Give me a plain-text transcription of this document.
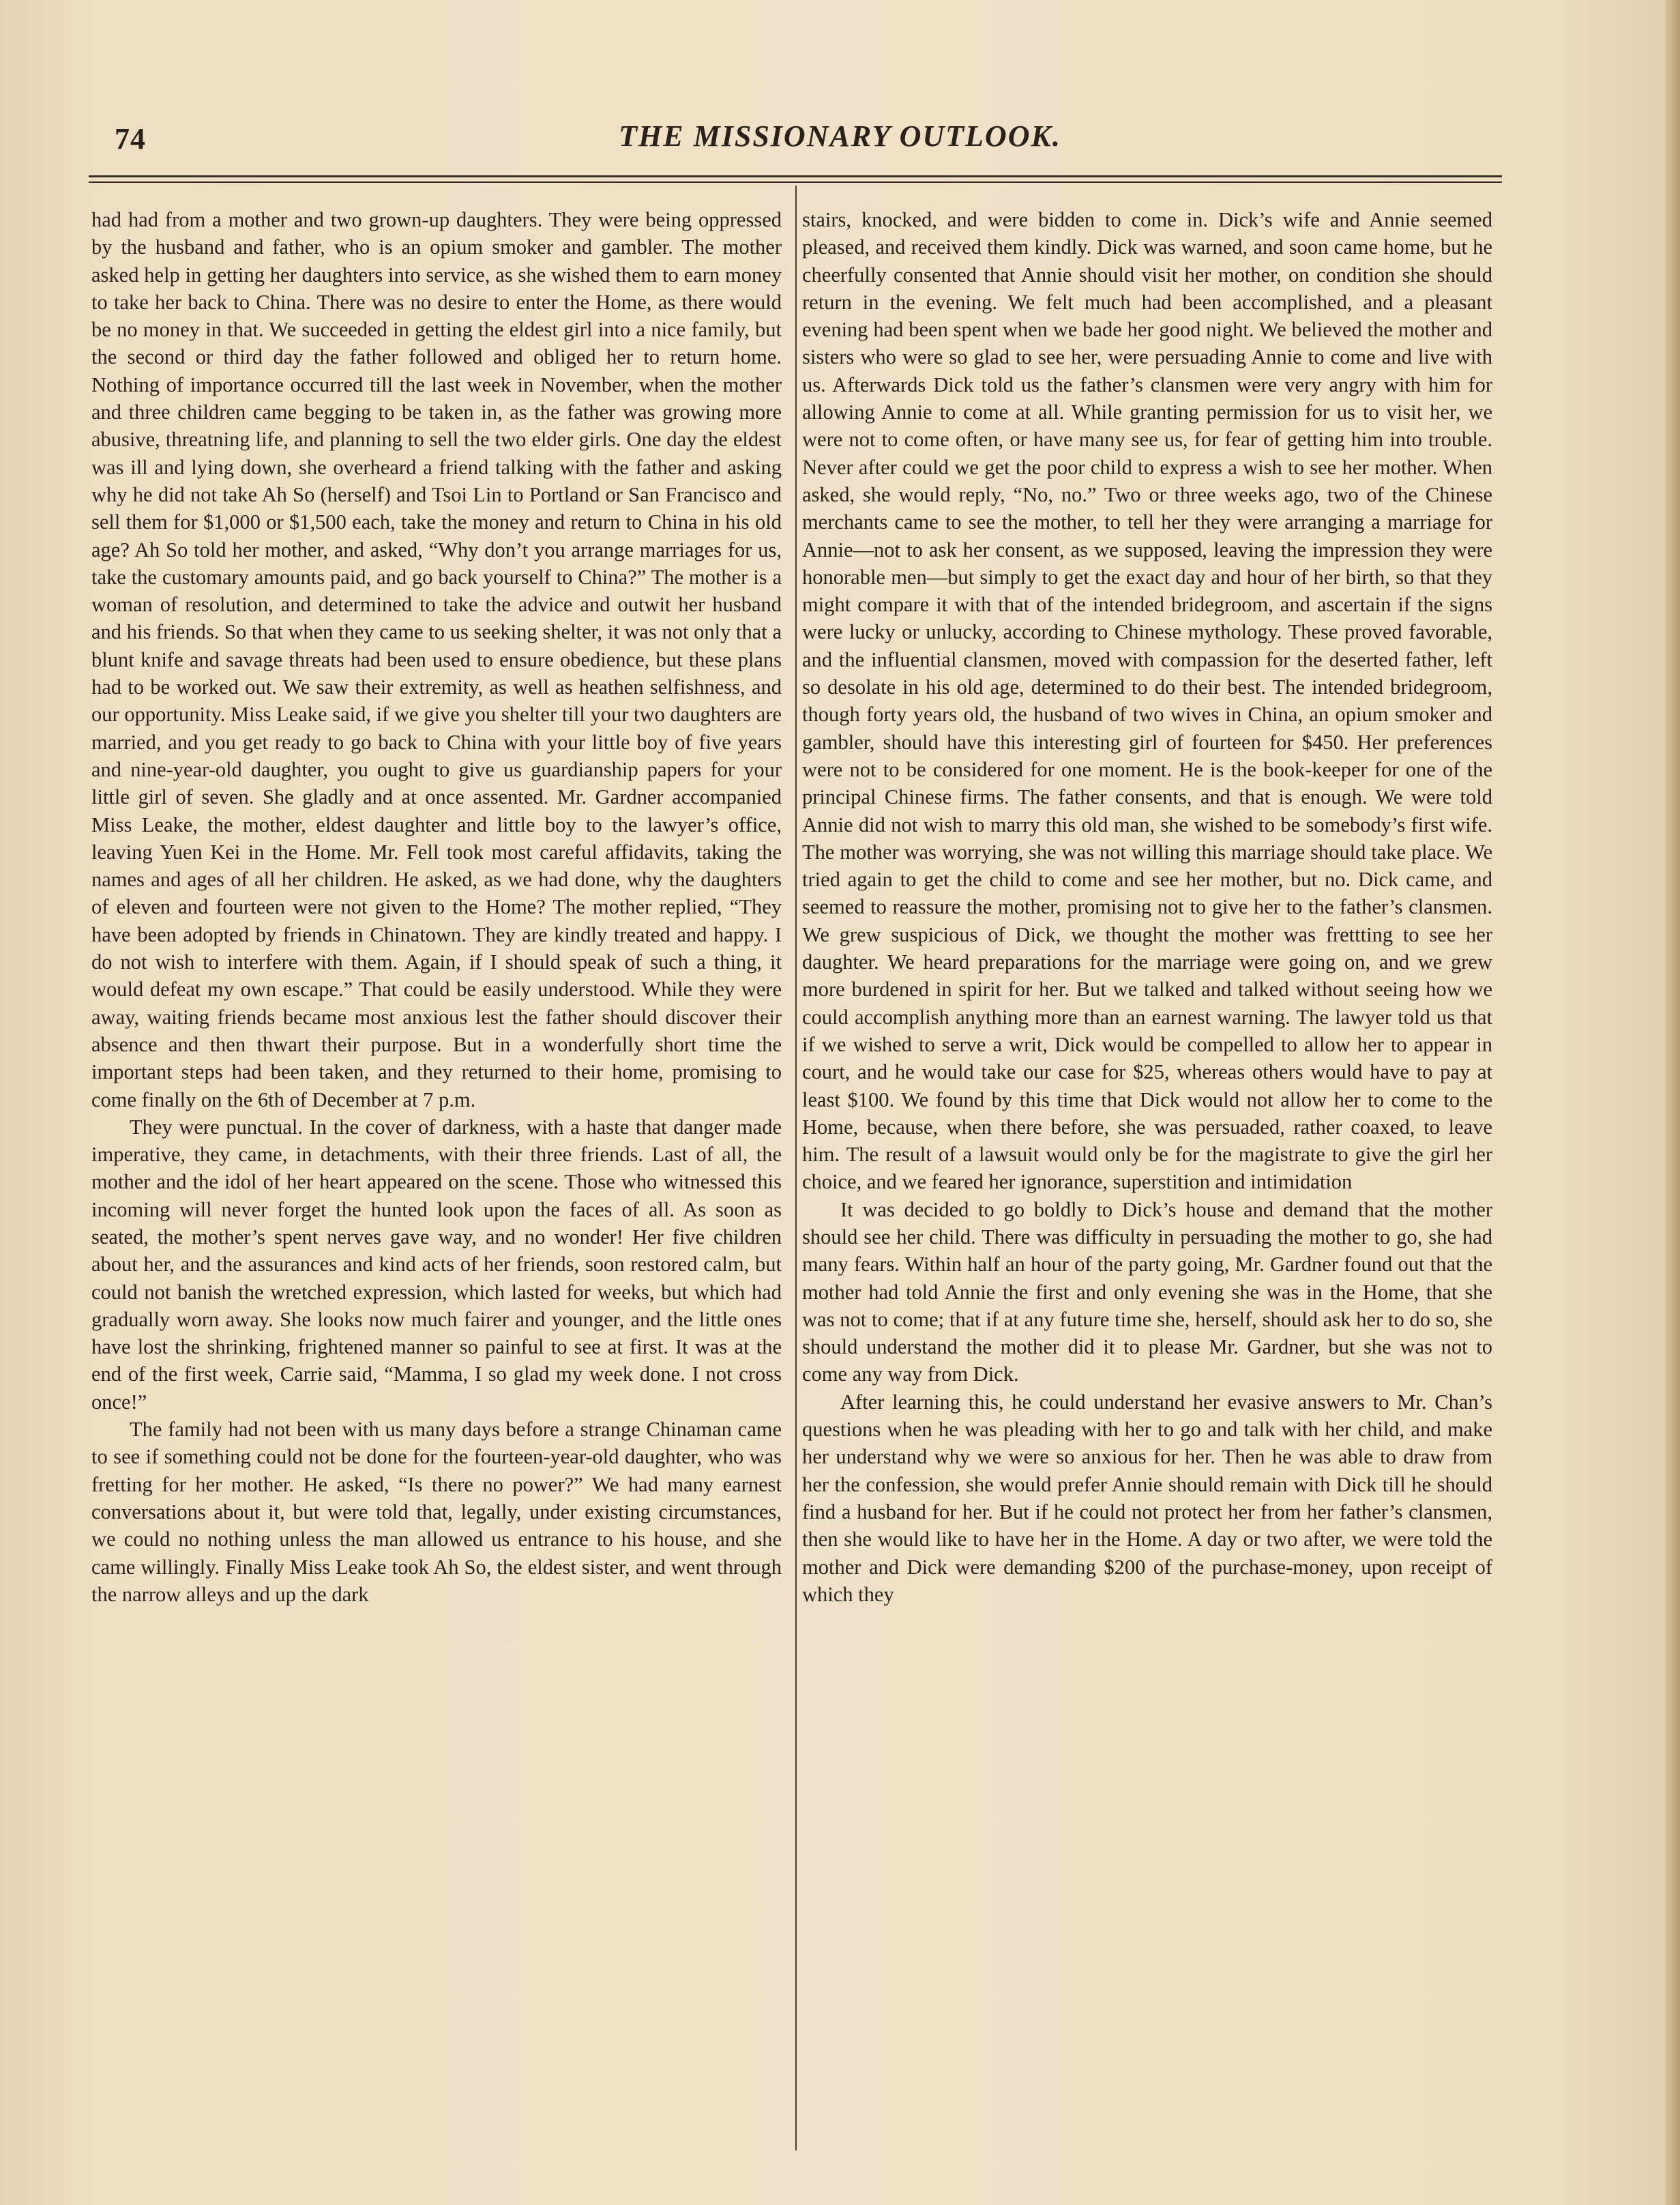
74	THE MISSIONARY OUTLOOK.

had had from a mother and two grown-up daughters. They were being oppressed by the husband and father, who is an opium smoker and gambler. The mother asked help in getting her daughters into service, as she wished them to earn money to take her back to China. There was no desire to enter the Home, as there would be no money in that. We succeeded in getting the eldest girl into a nice family, but the second or third day the father followed and obliged her to return home. Nothing of importance occurred till the last week in November, when the mother and three children came begging to be taken in, as the father was growing more abusive, threatning life, and planning to sell the two elder girls. One day the eldest was ill and lying down, she overheard a friend talking with the father and asking why he did not take Ah So (herself) and Tsoi Lin to Portland or San Francisco and sell them for $1,000 or $1,500 each, take the money and return to China in his old age? Ah So told her mother, and asked, “Why don’t you arrange marriages for us, take the customary amounts paid, and go back yourself to China?” The mother is a woman of resolution, and determined to take the advice and outwit her husband and his friends. So that when they came to us seeking shelter, it was not only that a blunt knife and savage threats had been used to ensure obedience, but these plans had to be worked out. We saw their extremity, as well as heathen selfishness, and our opportunity. Miss Leake said, if we give you shelter till your two daughters are married, and you get ready to go back to China with your little boy of five years and nine-year-old daughter, you ought to give us guardianship papers for your little girl of seven. She gladly and at once assented. Mr. Gardner accompanied Miss Leake, the mother, eldest daughter and little boy to the lawyer’s office, leaving Yuen Kei in the Home. Mr. Fell took most careful affidavits, taking the names and ages of all her children. He asked, as we had done, why the daughters of eleven and fourteen were not given to the Home? The mother replied, “They have been adopted by friends in Chinatown. They are kindly treated and happy. I do not wish to interfere with them. Again, if I should speak of such a thing, it would defeat my own escape.” That could be easily understood. While they were away, waiting friends became most anxious lest the father should discover their absence and then thwart their purpose. But in a wonderfully short time the important steps had been taken, and they returned to their home, promising to come finally on the 6th of December at 7 p.m.

They were punctual. In the cover of darkness, with a haste that danger made imperative, they came, in detachments, with their three friends. Last of all, the mother and the idol of her heart appeared on the scene. Those who witnessed this incoming will never forget the hunted look upon the faces of all. As soon as seated, the mother’s spent nerves gave way, and no wonder! Her five children about her, and the assurances and kind acts of her friends, soon restored calm, but could not banish the wretched expression, which lasted for weeks, but which had gradually worn away. She looks now much fairer and younger, and the little ones have lost the shrinking, frightened manner so painful to see at first. It was at the end of the first week, Carrie said, “Mamma, I so glad my week done. I not cross once!”

The family had not been with us many days before a strange Chinaman came to see if something could not be done for the fourteen-year-old daughter, who was fretting for her mother. He asked, “Is there no power?” We had many earnest conversations about it, but were told that, legally, under existing circumstances, we could no nothing unless the man allowed us entrance to his house, and she came willingly. Finally Miss Leake took Ah So, the eldest sister, and went through the narrow alleys and up the dark

stairs, knocked, and were bidden to come in. Dick’s wife and Annie seemed pleased, and received them kindly. Dick was warned, and soon came home, but he cheerfully consented that Annie should visit her mother, on condition she should return in the evening. We felt much had been accomplished, and a pleasant evening had been spent when we bade her good night. We believed the mother and sisters who were so glad to see her, were persuading Annie to come and live with us. Afterwards Dick told us the father’s clansmen were very angry with him for allowing Annie to come at all. While granting permission for us to visit her, we were not to come often, or have many see us, for fear of getting him into trouble. Never after could we get the poor child to express a wish to see her mother. When asked, she would reply, “No, no.” Two or three weeks ago, two of the Chinese merchants came to see the mother, to tell her they were arranging a marriage for Annie—not to ask her consent, as we supposed, leaving the impression they were honorable men—but simply to get the exact day and hour of her birth, so that they might compare it with that of the intended bridegroom, and ascertain if the signs were lucky or unlucky, according to Chinese mythology. These proved favorable, and the influential clansmen, moved with compassion for the deserted father, left so desolate in his old age, determined to do their best. The intended bridegroom, though forty years old, the husband of two wives in China, an opium smoker and gambler, should have this interesting girl of fourteen for $450. Her preferences were not to be considered for one moment. He is the book-keeper for one of the principal Chinese firms. The father consents, and that is enough. We were told Annie did not wish to marry this old man, she wished to be somebody’s first wife. The mother was worrying, she was not willing this marriage should take place. We tried again to get the child to come and see her mother, but no. Dick came, and seemed to reassure the mother, promising not to give her to the father’s clansmen. We grew suspicious of Dick, we thought the mother was frettting to see her daughter. We heard preparations for the marriage were going on, and we grew more burdened in spirit for her. But we talked and talked without seeing how we could accomplish anything more than an earnest warning. The lawyer told us that if we wished to serve a writ, Dick would be compelled to allow her to appear in court, and he would take our case for $25, whereas others would have to pay at least $100. We found by this time that Dick would not allow her to come to the Home, because, when there before, she was persuaded, rather coaxed, to leave him. The result of a lawsuit would only be for the magistrate to give the girl her choice, and we feared her ignorance, superstition and intimidation

It was decided to go boldly to Dick’s house and demand that the mother should see her child. There was difficulty in persuading the mother to go, she had many fears. Within half an hour of the party going, Mr. Gardner found out that the mother had told Annie the first and only evening she was in the Home, that she was not to come; that if at any future time she, herself, should ask her to do so, she should understand the mother did it to please Mr. Gardner, but she was not to come any way from Dick.

After learning this, he could understand her evasive answers to Mr. Chan’s questions when he was pleading with her to go and talk with her child, and make her understand why we were so anxious for her. Then he was able to draw from her the confession, she would prefer Annie should remain with Dick till he should find a husband for her. But if he could not protect her from her father’s clansmen, then she would like to have her in the Home. A day or two after, we were told the mother and Dick were demanding $200 of the purchase-money, upon receipt of which they
